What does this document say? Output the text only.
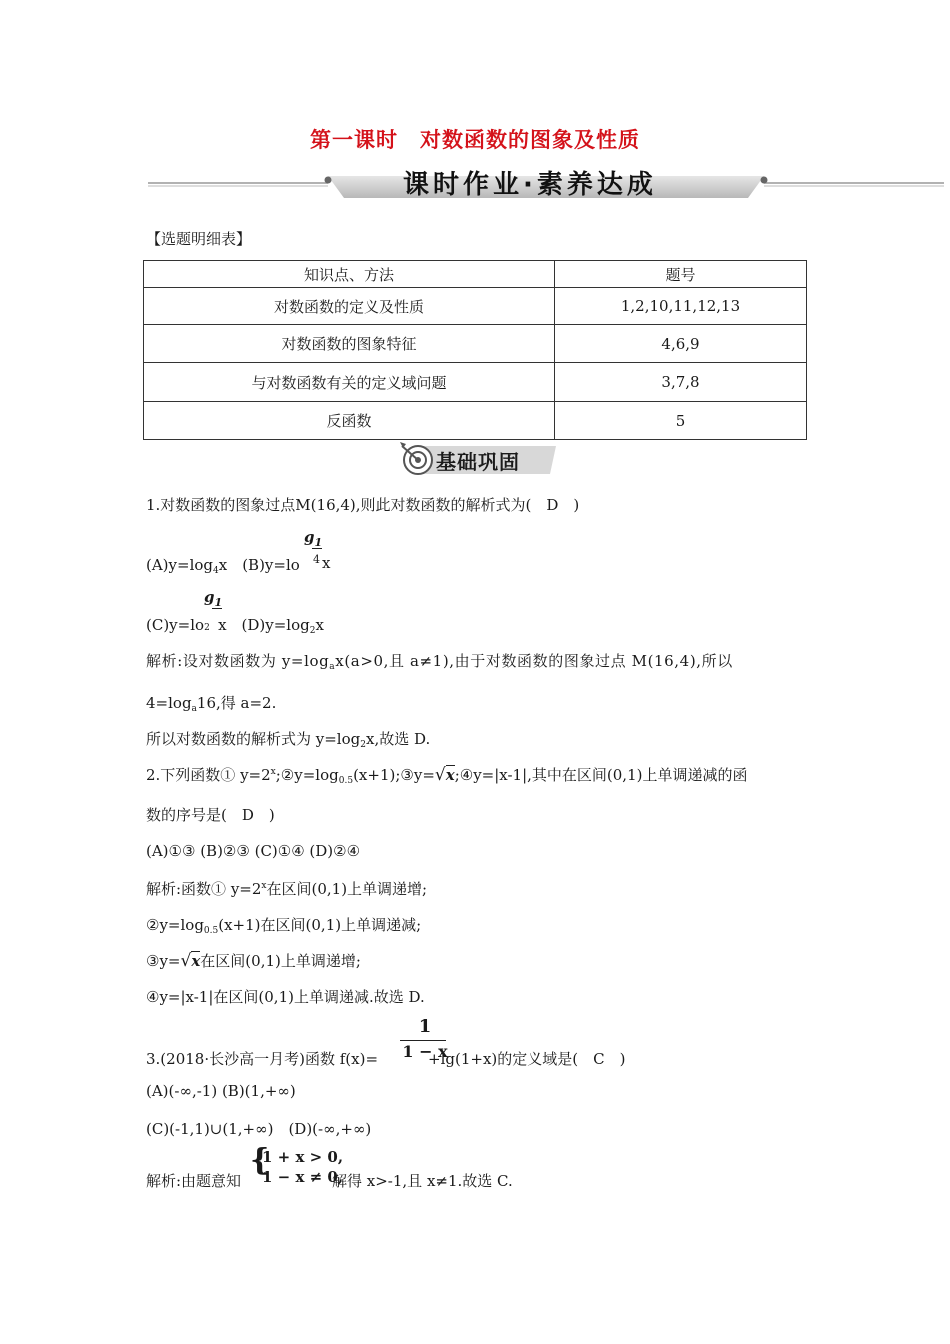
第一课时　对数函数的图象及性质
课时作业·素养达成
【选题明细表】
知识点、方法	题号
对数函数的定义及性质	1,2,10,11,12,13
对数函数的图象特征	4,6,9
与对数函数有关的定义域问题	3,7,8
反函数	5
基础巩固
1.对数函数的图象过点M(16,4),则此对数函数的解析式为(　D　)
$(A)y=\log_4x$　(B)y=lo
$g_1$
4 x
$g_1$
(C)y=lo2 x　$(D)y=\log_2x$
解析:设对数函数为 $y=\log_ax(a>0$,且 a≠1),由于对数函数的图象过点 M(16,4),所以
$4=\log_a16$,得 a=2.
所以对数函数的解析式为 $y=\log_2x$,故选 D.
2.下列函数① $y=2^x;②y=\log_{0.5}(x+1);③y=√x;④y=|x-1|$,其中在区间(0,1)上单调递减的函
数的序号是(　D　)
(A)①③ (B)②③ (C)①④ (D)②④
解析:函数① $y=2^x$在区间(0,1)上单调递增;
$②y=\log_{0.5}(x+1)$在区间(0,1)上单调递减;
③y=√x在区间(0,1)上单调递增;
④y=|x-1|在区间(0,1)上单调递减.故选 D.
3.(2018·长沙高一月考)函数 f(x)=	+lg(1+x)的定义域是(　C　)
1
1 − x
(A)(-∞,-1) (B)(1,+∞)
(C)(-1,1)∪(1,+∞)　(D)(-∞,+∞)
解析:由题意知
{
1 + x > 0,
1 − x ≠ 0,
解得 x>-1,且 x≠1.故选 C.
